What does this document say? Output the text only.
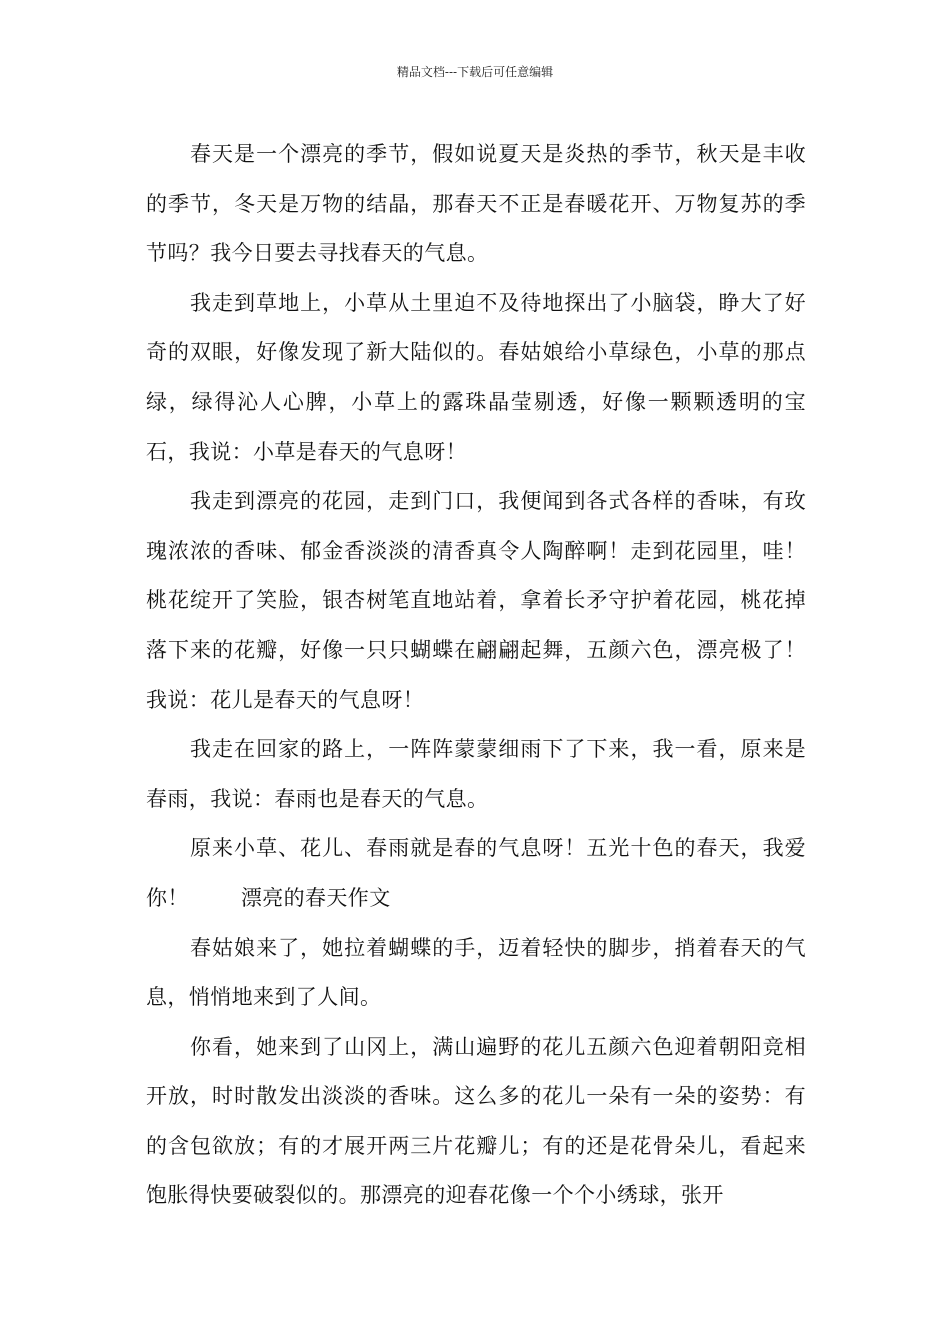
精品文档---下载后可任意编辑

春天是一个漂亮的季节，假如说夏天是炎热的季节，秋天是丰收的季节，冬天是万物的结晶，那春天不正是春暖花开、万物复苏的季节吗？我今日要去寻找春天的气息。

我走到草地上，小草从土里迫不及待地探出了小脑袋，睁大了好奇的双眼，好像发现了新大陆似的。春姑娘给小草绿色，小草的那点绿，绿得沁人心脾，小草上的露珠晶莹剔透，好像一颗颗透明的宝石，我说：小草是春天的气息呀！

我走到漂亮的花园，走到门口，我便闻到各式各样的香味，有玫瑰浓浓的香味、郁金香淡淡的清香真令人陶醉啊！走到花园里，哇！桃花绽开了笑脸，银杏树笔直地站着，拿着长矛守护着花园，桃花掉落下来的花瓣，好像一只只蝴蝶在翩翩起舞，五颜六色，漂亮极了！我说：花儿是春天的气息呀！

我走在回家的路上，一阵阵蒙蒙细雨下了下来，我一看，原来是春雨，我说：春雨也是春天的气息。

原来小草、花儿、春雨就是春的气息呀！五光十色的春天，我爱你！ 漂亮的春天作文

春姑娘来了，她拉着蝴蝶的手，迈着轻快的脚步，捎着春天的气息，悄悄地来到了人间。

你看，她来到了山冈上，满山遍野的花儿五颜六色迎着朝阳竞相开放，时时散发出淡淡的香味。这么多的花儿一朵有一朵的姿势：有的含包欲放；有的才展开两三片花瓣儿；有的还是花骨朵儿，看起来饱胀得快要破裂似的。那漂亮的迎春花像一个个小绣球，张开
